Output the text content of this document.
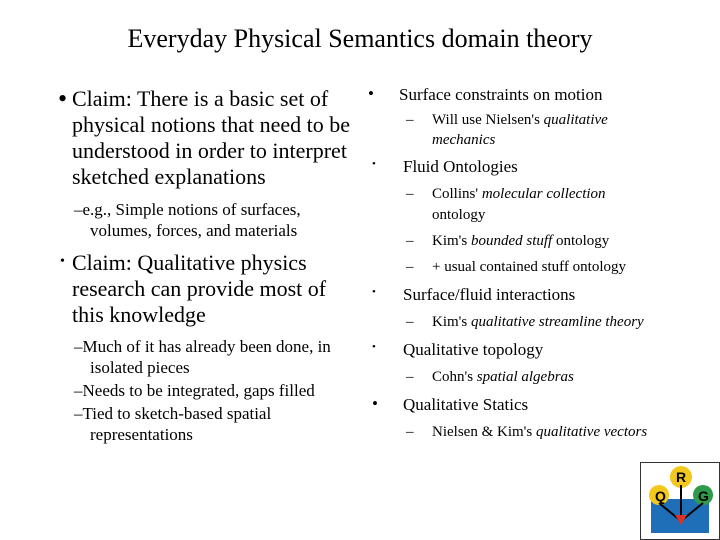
Everyday Physical Semantics domain theory
• Claim: There is a basic set of physical notions that need to be understood in order to interpret sketched explanations
–e.g., Simple notions of surfaces, volumes, forces, and materials
• Claim: Qualitative physics research can provide most of this knowledge
–Much of it has already been done, in isolated pieces
–Needs to be integrated, gaps filled
–Tied to sketch-based spatial representations
• Surface constraints on motion
– Will use Nielsen's qualitative mechanics
• Fluid Ontologies
– Collins' molecular collection ontology
– Kim's bounded stuff ontology
– + usual contained stuff ontology
• Surface/fluid interactions
– Kim's qualitative streamline theory
• Qualitative topology
– Cohn's spatial algebras
• Qualitative Statics
– Nielsen & Kim's qualitative vectors
Q
R
G
